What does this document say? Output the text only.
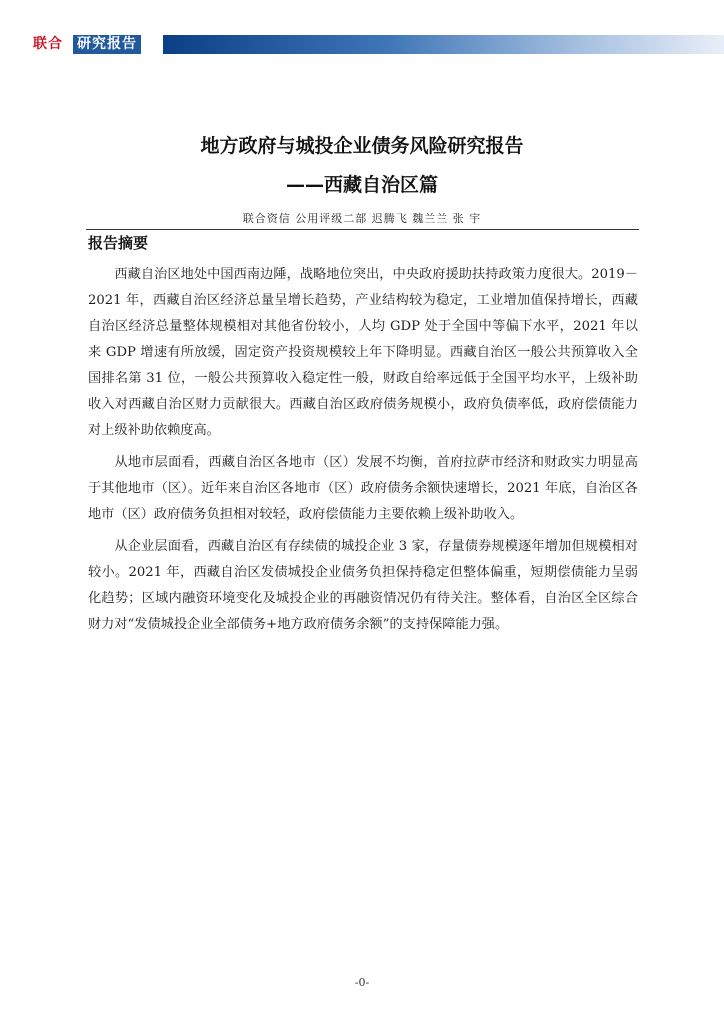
联合 研究报告
地方政府与城投企业债务风险研究报告
——西藏自治区篇
联合资信 公用评级二部 迟腾飞 魏兰兰 张 宇
报告摘要

西藏自治区地处中国西南边陲，战略地位突出，中央政府援助扶持政策力度很大。2019－2021 年，西藏自治区经济总量呈增长趋势，产业结构较为稳定，工业增加值保持增长，西藏自治区经济总量整体规模相对其他省份较小，人均 GDP 处于全国中等偏下水平，2021 年以来 GDP 增速有所放缓，固定资产投资规模较上年下降明显。西藏自治区一般公共预算收入全国排名第 31 位，一般公共预算收入稳定性一般，财政自给率远低于全国平均水平，上级补助收入对西藏自治区财力贡献很大。西藏自治区政府债务规模小，政府负债率低，政府偿债能力对上级补助依赖度高。

从地市层面看，西藏自治区各地市（区）发展不均衡，首府拉萨市经济和财政实力明显高于其他地市（区）。近年来自治区各地市（区）政府债务余额快速增长，2021 年底，自治区各地市（区）政府债务负担相对较轻，政府偿债能力主要依赖上级补助收入。

从企业层面看，西藏自治区有存续债的城投企业 3 家，存量债券规模逐年增加但规模相对较小。2021 年，西藏自治区发债城投企业债务负担保持稳定但整体偏重，短期偿债能力呈弱化趋势；区域内融资环境变化及城投企业的再融资情况仍有待关注。整体看，自治区全区综合财力对“发债城投企业全部债务+地方政府债务余额”的支持保障能力强。

-0-
